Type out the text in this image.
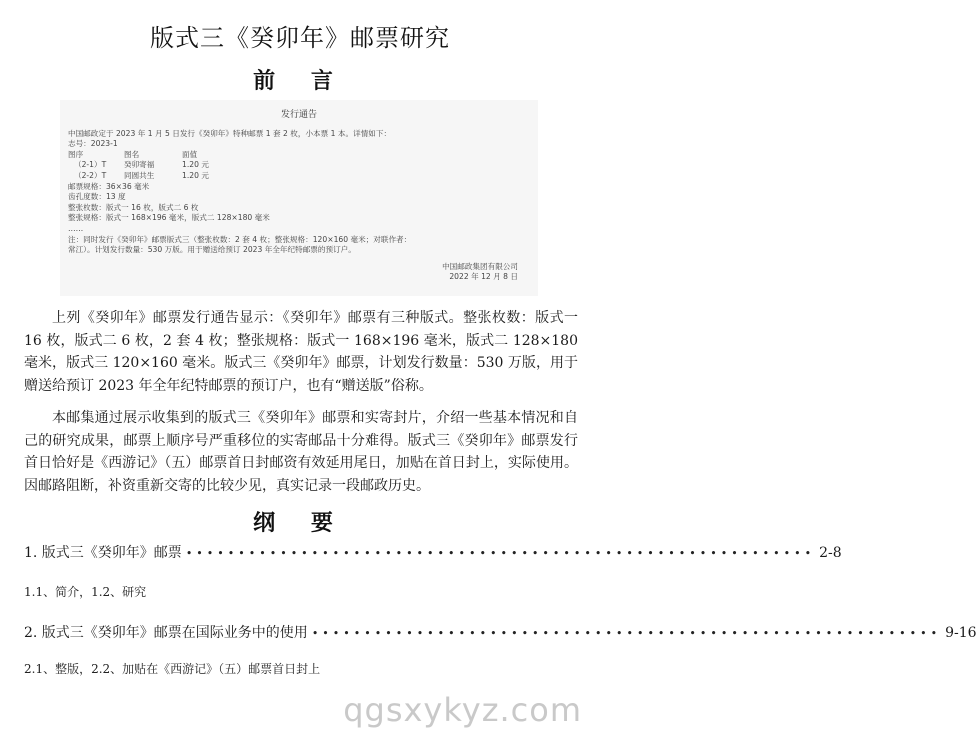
版式三《癸卯年》邮票研究
前 言
发行通告
中国邮政定于 2023 年 1 月 5 日发行《癸卯年》特种邮票 1 套 2 枚，小本票 1 本。详情如下：
志号：2023-1
图序	图名	面值
（2-1）T	癸卯寄福	1.20 元
（2-2）T	同圆共生	1.20 元
邮票规格：36×36 毫米
齿孔度数：13 度
整张枚数：版式一 16 枚，版式二 6 枚
整张规格：版式一 168×196 毫米，版式二 128×180 毫米
……
注：同时发行《癸卯年》邮票版式三（整张枚数：2 套 4 枚；整张规格：120×160 毫米；对联作者：
常江）。计划发行数量：530 万版。用于赠送给预订 2023 年全年纪特邮票的预订户。
中国邮政集团有限公司
2022 年 12 月 8 日
上列《癸卯年》邮票发行通告显示：《癸卯年》邮票有三种版式。整张枚数：版式一 16 枚，版式二 6 枚，2 套 4 枚；整张规格：版式一 168×196 毫米，版式二 128×180 毫米，版式三 120×160 毫米。版式三《癸卯年》邮票，计划发行数量：530 万版，用于赠送给预订 2023 年全年纪特邮票的预订户，也有“赠送版”俗称。
本邮集通过展示收集到的版式三《癸卯年》邮票和实寄封片，介绍一些基本情况和自己的研究成果，邮票上顺序号严重移位的实寄邮品十分难得。版式三《癸卯年》邮票发行首日恰好是《西游记》（五）邮票首日封邮资有效延用尾日，加贴在首日封上，实际使用。因邮路阻断，补资重新交寄的比较少见，真实记录一段邮政历史。
纲 要
1. 版式三《癸卯年》邮票 •••••••••••••••••••••••••••••••••••••••••••••••••••••••••••• 2-8
1.1、简介，1.2、研究
2. 版式三《癸卯年》邮票在国际业务中的使用 •••••••••••••••••••••••••••••••••••••••••••••••••••••••••••• 9-16
2.1、整版，2.2、加贴在《西游记》（五）邮票首日封上
qgsxykyz.com
